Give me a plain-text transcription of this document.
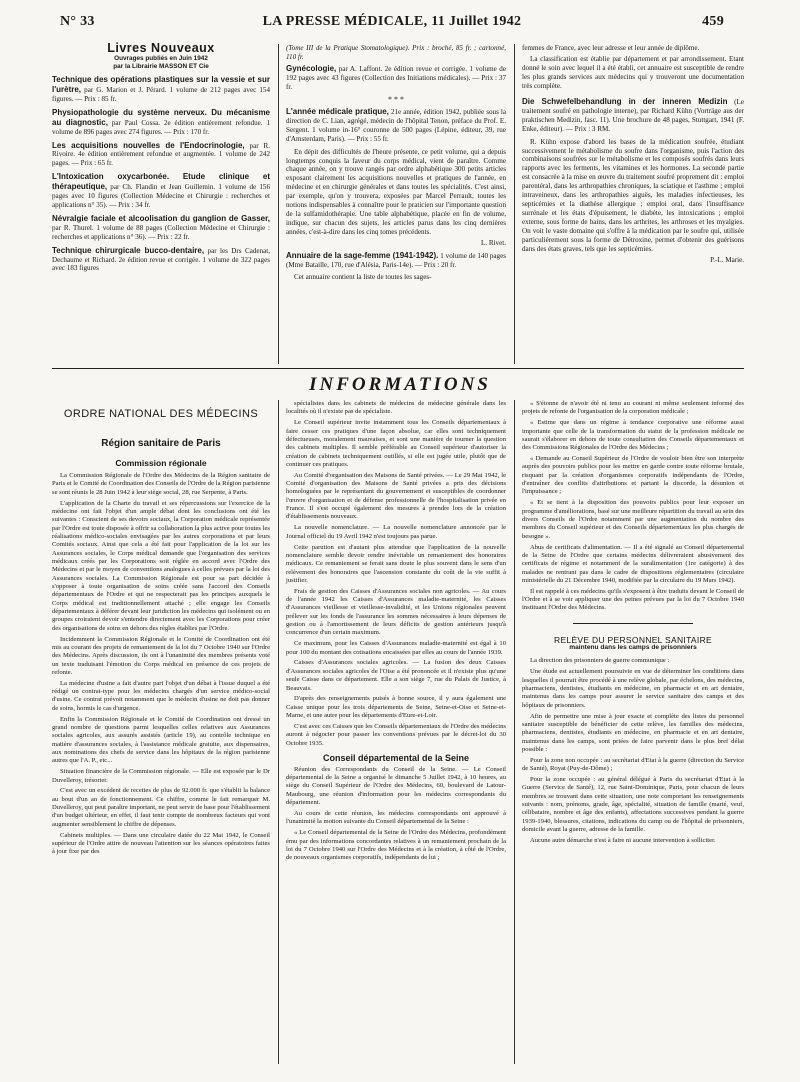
N° 33	LA PRESSE MÉDICALE, 11 Juillet 1942	459
Livres Nouveaux
Ouvrages publiés en Juin 1942
par la Librairie MASSON ET Cie
Technique des opérations plastiques sur la vessie et sur l'urètre, par G. Marion et J. Pérard. 1 volume de 212 pages avec 154 figures. — Prix : 85 fr.
Physiopathologie du système nerveux. Du mécanisme au diagnostic, par Paul Cossa. 2e édition entièrement refondue. 1 volume de 896 pages avec 274 figures. — Prix : 170 fr.
Les acquisitions nouvelles de l'Endocrinologie, par R. Rivoire. 4e édition entièrement refondue et augmentée. 1 volume de 242 pages. — Prix : 65 fr.
L'Intoxication oxycarbonée. Etude clinique et thérapeutique, par Ch. Flandin et Jean Guillemin. 1 volume de 156 pages avec 10 figures (Collection Médecine et Chirurgie : recherches et applications n° 35). — Prix : 34 fr.
Névralgie faciale et alcoolisation du ganglion de Gasser, par R. Thurel. 1 volume de 88 pages (Collection Médecine et Chirurgie : recherches et applications n° 36). — Prix : 22 fr.
Technique chirurgicale bucco-dentaire, par les Drs Cadenat, Dechaume et Richard. 2e édition revue et corrigée. 1 volume de 322 pages avec 183 figures

(Tome III de la Pratique Stomatologique). Prix : broché, 85 fr. ; cartonné, 110 fr.

Gynécologie, par A. Laffont. 2e édition revue et corrigée. 1 volume de 192 pages avec 43 figures (Collection des Initiations médicales). — Prix : 37 fr.
* * *
L'année médicale pratique, 21e année, édition 1942, publiée sous la direction de C. Lian, agrégé, médecin de l'hôpital Tenon, préface du Prof. E. Sergent. 1 volume in-16° couronne de 500 pages (Lépine, éditeur, 39, rue d'Amsterdam, Paris). — Prix : 55 fr.

En dépit des difficultés de l'heure présente, ce petit volume, qui a depuis longtemps conquis la faveur du corps médical, vient de paraître. Comme chaque année, on y trouve rangés par ordre alphabétique 300 petits articles exposant clairement les acquisitions nouvelles et pratiques de l'année, en médecine et en chirurgie générales et dans toutes les spécialités. C'est ainsi, par exemple, qu'on y trouvera, exposées par Marcel Perrault, toutes les notions indispensables à connaître pour le praticien sur l'importante question de la sulfamidothérapie. Une table alphabétique, placée en fin de volume, indique, sur chacun des sujets, les articles parus dans les cinq dernières années, c'est-à-dire dans les cinq tomes précédents.

L. Rivet.

Annuaire de la sage-femme (1941-1942). 1 volume de 140 pages (Mme Bataille, 170, rue d'Alésia, Paris-14e). — Prix : 20 fr.

Cet annuaire contient la liste de toutes les sages-

femmes de France, avec leur adresse et leur année de diplôme.

La classification est établie par département et par arrondissement. Etant donné le soin avec lequel il a été établi, cet annuaire est susceptible de rendre les plus grands services aux médecins qui y trouveront une documentation très complète.

Die Schwefelbehandlung in der inneren Medizin (Le traitement soufré en pathologie interne), par Richard Kühn (Vorträge aus der praktischen Medizin, fasc. 11). Une brochure de 48 pages, Stuttgart, 1941 (F. Enke, éditeur). — Prix : 3 RM.

R. Kühn expose d'abord les bases de la médication soufrée, étudiant successivement le métabolisme du soufre dans l'organisme, puis l'action des combinaisons soufrées sur le métabolisme et les composés soufrés dans leurs rapports avec les ferments, les vitamines et les hormones. La seconde partie est consacrée à la mise en œuvre du traitement soufré proprement dit : emploi parentéral, dans les arthropathies chroniques, la sciatique et l'asthme ; emploi intraveineux, dans les arthropathies aiguës, les maladies infectieuses, les septicémies et la diathèse allergique ; emploi oral, dans l'insuffisance surrénale et les états d'épuisement, le diabète, les intoxications ; emploi externe, sous forme de bains, dans les arthrites, les arthroses et les myalgies. On voit le vaste domaine qui s'offre à la médication par le soufre qui, utilisée particulièrement sous la forme de Détroxine, permet d'obtenir des guérisons dans des états graves, tels que les septicémies.

P.-L. Marie.

INFORMATIONS
ORDRE NATIONAL DES MÉDECINS
Région sanitaire de Paris
Commission régionale

La Commission Régionale de l'Ordre des Médecins de la Région sanitaire de Paris et le Comité de Coordination des Conseils de l'Ordre de la Région parisienne se sont réunis le 28 Juin 1942 à leur siège social, 28, rue Serpente, à Paris.

L'application de la Charte du travail et ses répercussions sur l'exercice de la médecine ont fait l'objet d'un ample débat dont les conclusions ont été les suivantes : Conscient de ses devoirs sociaux, la Corporation médicale représentée par l'Ordre est toute disposée à offrir sa collaboration la plus active pour toutes les réalisations médico-sociales envisagées par les autres corporations et par leurs Comités sociaux. Ainsi que cela a été fait pour l'application de la loi sur les Assurances sociales, le Corps médical demande que l'organisation des services médicaux créés par les Corporations soit réglée en accord avec l'Ordre des Médecins et par le moyen de conventions analogues à celles prévues par la loi des Assurances sociales. La Commission Régionale est pour sa part décidée à s'opposer à toute organisation de soins créée sans l'accord des Conseils départementaux de l'Ordre et qui ne respecterait pas les principes auxquels le Corps médical est traditionnellement attaché ; elle engage les Conseils départementaux à déférer devant leur juridiction les médecins qui isolément ou en groupes croiraient devoir s'entendre directement avec les Corporations pour créer des organisations de soins en dehors des règles établies par l'Ordre.

Incidemment la Commission Régionale et le Comité de Coordination ont été mis au courant des projets de remaniement de la loi du 7 Octobre 1940 sur l'Ordre des Médecins. Après discussion, ils ont à l'unanimité des membres présents voté un texte traduisant l'émotion du Corps médical en présence de ces projets de refonte.

La médecine d'usine a fait d'autre part l'objet d'un débat à l'issue duquel a été rédigé un contrat-type pour les médecins chargés d'un service médico-social d'usine. Ce contrat prévoit notamment que le médecin d'usine ne doit pas donner de soins, hormis le cas d'urgence.

Enfin la Commission Régionale et le Comité de Coordination ont dressé un grand nombre de questions parmi lesquelles celles relatives aux Assurances sociales agricoles, aux assurés assistés (article 19), au contrôle technique en matière d'assurances sociales, à l'assistance médicale gratuite, aux dispensaires, aux nominations des chefs de service dans les hôpitaux de la région parisienne autres que l'A. P., etc...

Situation financière de la Commission régionale. — Elle est exposée par le Dr Duvelleroy, trésorier.

C'est avec un excédent de recettes de plus de 92.000 fr. que s'établit la balance au bout d'un an de fonctionnement. Ce chiffre, comme le fait remarquer M. Duvelleroy, qui peut paraître important, ne peut servir de base pour l'établissement d'un budget ultérieur, en effet, il faut tenir compte de nombreux facteurs qui vont augmenter sensiblement le chiffre de dépenses.

Cabinets multiples. — Dans une circulaire datée du 22 Mai 1942, le Conseil supérieur de l'Ordre attire de nouveau l'attention sur les séances opératoires faites à jour fixe par des

spécialistes dans les cabinets de médecins de médecine générale dans les localités où il n'existe pas de spécialiste.

Le Conseil supérieur invite instamment tous les Conseils départementaux à faire cesser ces pratiques d'une façon absolue, car elles sont techniquement défectueuses, moralement mauvaises, et sont une manière de tourner la question des cabinets multiples. Il semble préférable au Conseil supérieur d'autoriser la création de cabinets techniquement outillés, si elle est jugée utile, plutôt que de continuer ces pratiques.

Au Comité d'organisation des Maisons de Santé privées. — Le 29 Mai 1942, le Comité d'organisation des Maisons de Santé privées a pris des décisions homologuées par le représentant du gouvernement et susceptibles de coordonner l'œuvre d'organisation et de défense professionnelle de l'hospitalisation privée en France. Il s'est occupé également des mesures à prendre lors de la création d'établissements nouveaux.

La nouvelle nomenclature. — La nouvelle nomenclature annoncée par le Journal officiel du 19 Avril 1942 n'est toujours pas parue.

Cette parution est d'autant plus attendue que l'application de la nouvelle nomenclature semble devoir rendre inévitable un remaniement des honoraires médicaux. Ce remaniement se ferait sans doute le plus souvent dans le sens d'un relèvement des honoraires que l'ascension constante du coût de la vie suffit à justifier.

Frais de gestion des Caisses d'Assurances sociales non agricoles. — Au cours de l'année 1942 les Caisses d'Assurances maladie-maternité, les Caisses d'Assurances vieillesse et vieillesse-invalidité, et les Unions régionales peuvent prélever sur les fonds de l'assurance les sommes nécessaires à leurs dépenses de gestion ou à l'amortissement de leurs déficits de gestion antérieurs jusqu'à concurrence d'un certain maximum.

Ce maximum, pour les Caisses d'Assurances maladie-maternité est égal à 10 pour 100 du montant des cotisations encaissées par elles au cours de l'année 1939.

Caisses d'Assurances sociales agricoles. — La fusion des deux Caisses d'Assurances sociales agricoles de l'Oise a été prononcée et il n'existe plus qu'une seule Caisse dans ce département. Elle a son siège 7, rue du Palais de Justice, à Beauvais.

D'après des renseignements puisés à bonne source, il y aura également une Caisse unique pour les trois départements de Seine, Seine-et-Oise et Seine-et-Marne, et une autre pour les départements d'Eure-et-Loir.

C'est avec ces Caisses que les Conseils départementaux de l'Ordre des médecins auront à négocier pour passer les conventions prévues par le décret-loi du 30 Octobre 1935.

Conseil départemental de la Seine

Réunion des Correspondants du Conseil de la Seine. — Le Conseil départemental de la Seine a organisé le dimanche 5 Juillet 1942, à 10 heures, au siège du Conseil Supérieur de l'Ordre des Médecins, 60, boulevard de Latour-Maubourg, une réunion d'information pour les médecins correspondants du département.

Au cours de cette réunion, les médecins correspondants ont approuvé à l'unanimité la motion suivante du Conseil départemental de la Seine :

« Le Conseil départemental de la Seine de l'Ordre des Médecins, profondément ému par des informations concordantes relatives à un remaniement prochain de la loi du 7 Octobre 1940 sur l'Ordre des Médecins et à la création, à côté de l'Ordre, de nouveaux organismes corporatifs, indépendants de lui ;

« S'étonne de n'avoir été ni tenu au courant ni même seulement informé des projets de refonte de l'organisation de la corporation médicale ;

« Estime que dans un régime à tendance corporative une réforme aussi importante que celle de la transformation du statut de la profession médicale ne saurait s'élaborer en dehors de toute consultation des Conseils départementaux et des Commissions Régionales de l'Ordre des Médecins ;

« Demande au Conseil Supérieur de l'Ordre de vouloir bien être son interprète auprès des pouvoirs publics pour les mettre en garde contre toute réforme brutale, risquant par la création d'organismes corporatifs indépendants de l'Ordre, d'entraîner des conflits d'attributions et partant la discorde, la désunion et l'impuissance ;

« Et se tient à la disposition des pouvoirs publics pour leur exposer un programme d'améliorations, basé sur une meilleure répartition du travail au sein des divers Conseils de l'Ordre notamment par une augmentation du nombre des membres du Conseil supérieur et des Conseils départementaux les plus chargés de besogne ».

Abus de certificats d'alimentation. — Il a été signalé au Conseil départemental de la Seine de l'Ordre que certains médecins délivreraient abusivement des certificats de régime et notamment de la suralimentation (1re catégorie) à des malades ne rentrant pas dans le cadre de dispositions réglementaires (circulaire ministérielle du 21 Décembre 1940, modifiée par la circulaire du 19 Mars 1942).

Il est rappelé à ces médecins qu'ils s'exposent à être traduits devant le Conseil de l'Ordre et à se voir appliquer une des peines prévues par la loi du 7 Octobre 1940 instituant l'Ordre des Médecins.

RELÈVE DU PERSONNEL SANITAIRE
maintenu dans les camps de prisonniers

La direction des prisonniers de guerre communique :

Une étude est actuellement poursuivie en vue de déterminer les conditions dans lesquelles il pourrait être procédé à une relève globale, par échelons, des médecins, pharmaciens, dentistes, étudiants en médecine, en pharmacie et en art dentaire, maintenus dans les camps pour assurer le service sanitaire des camps et des hôpitaux de prisonniers.

Afin de permettre une mise à jour exacte et complète des listes du personnel sanitaire susceptible de bénéficier de cette relève, les familles des médecins, pharmaciens, dentistes, étudiants en médecine, en pharmacie et en art dentaire, maintenus dans les camps, sont priées de faire parvenir dans le plus bref délai possible :

Pour la zone non occupée : au secrétariat d'Etat à la guerre (direction du Service de Santé), Royat (Puy-de-Dôme) ;

Pour la zone occupée : au général délégué à Paris du secrétariat d'Etat à la Guerre (Service de Santé), 12, rue Saint-Dominique, Paris, pour chacun de leurs membres se trouvant dans cette situation, une note comportant les renseignements suivants : nom, prénoms, grade, âge, spécialité, situation de famille (marié, veuf, célibataire, nombre et âge des enfants), affectations successives pendant la guerre 1939-1940, blessures, citations, indications du camp ou de l'hôpital de prisonniers, domicile avant la guerre, adresse de la famille.

Aucune autre démarche n'est à faire ni aucune intervention à solliciter.
